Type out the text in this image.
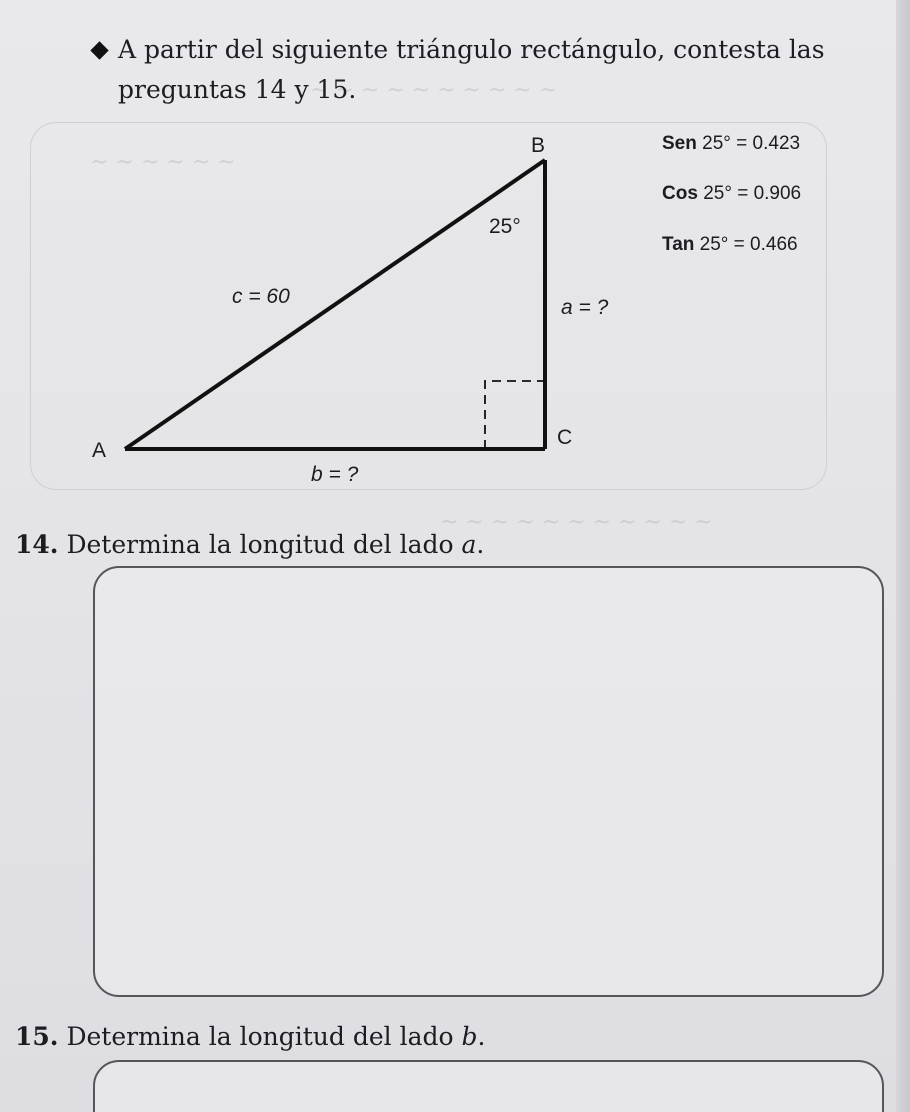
~ ~ ~ ~ ~ ~ ~ ~ ~ ~
~ ~ ~ ~ ~ ~
~ ~ ~ ~ ~ ~ ~ ~ ~ ~ ~
A partir del siguiente triángulo rectángulo, contesta las preguntas 14 y 15.
B
A
C
25°
c = 60	a = ?
b = ?
Sen 25° = 0.423
Cos 25° = 0.906
Tan 25° = 0.466
14. Determina la longitud del lado a.
15. Determina la longitud del lado b.
